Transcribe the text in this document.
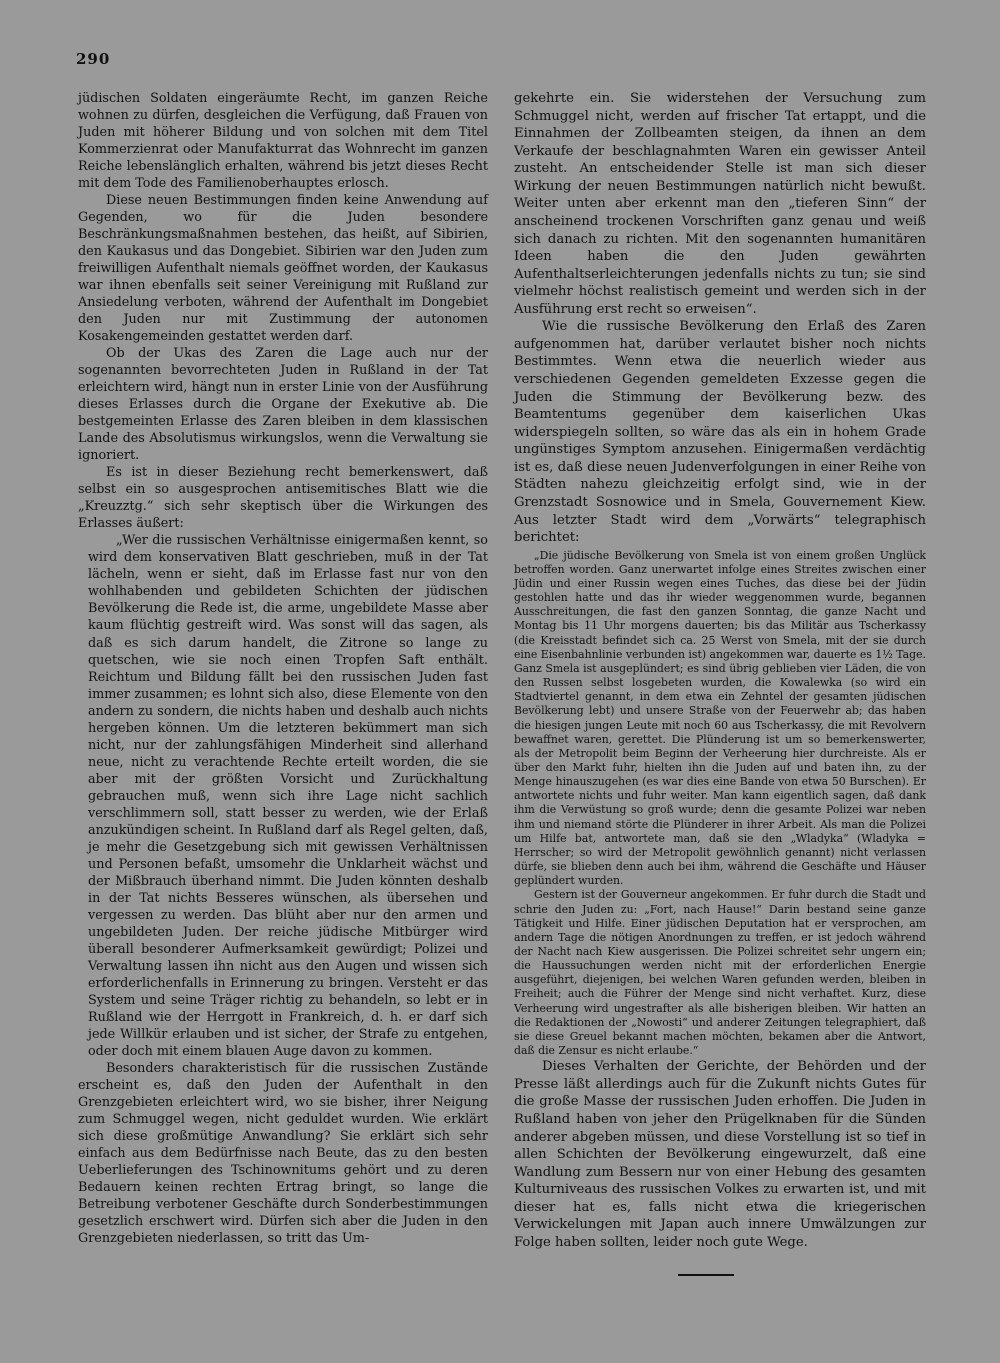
290

jüdischen Soldaten eingeräumte Recht, im ganzen Reiche wohnen zu dürfen, desgleichen die Verfügung, daß Frauen von Juden mit höherer Bildung und von solchen mit dem Titel Kommerzienrat oder Manufakturrat das Wohnrecht im ganzen Reiche lebenslänglich erhalten, während bis jetzt dieses Recht mit dem Tode des Familienoberhauptes erlosch.

Diese neuen Bestimmungen finden keine Anwendung auf Gegenden, wo für die Juden besondere Beschränkungsmaßnahmen bestehen, das heißt, auf Sibirien, den Kaukasus und das Dongebiet. Sibirien war den Juden zum freiwilligen Aufenthalt niemals geöffnet worden, der Kaukasus war ihnen ebenfalls seit seiner Vereinigung mit Rußland zur Ansiedelung verboten, während der Aufenthalt im Dongebiet den Juden nur mit Zustimmung der autonomen Kosakengemeinden gestattet werden darf.

Ob der Ukas des Zaren die Lage auch nur der sogenannten bevorrechteten Juden in Rußland in der Tat erleichtern wird, hängt nun in erster Linie von der Ausführung dieses Erlasses durch die Organe der Exekutive ab. Die bestgemeinten Erlasse des Zaren bleiben in dem klassischen Lande des Absolutismus wirkungslos, wenn die Verwaltung sie ignoriert.

Es ist in dieser Beziehung recht bemerkenswert, daß selbst ein so ausgesprochen antisemitisches Blatt wie die „Kreuzztg.“ sich sehr skeptisch über die Wirkungen des Erlasses äußert:

„Wer die russischen Verhältnisse einigermaßen kennt, so wird dem konservativen Blatt geschrieben, muß in der Tat lächeln, wenn er sieht, daß im Erlasse fast nur von den wohlhabenden und gebildeten Schichten der jüdischen Bevölkerung die Rede ist, die arme, ungebildete Masse aber kaum flüchtig gestreift wird. Was sonst will das sagen, als daß es sich darum handelt, die Zitrone so lange zu quetschen, wie sie noch einen Tropfen Saft enthält. Reichtum und Bildung fällt bei den russischen Juden fast immer zusammen; es lohnt sich also, diese Elemente von den andern zu sondern, die nichts haben und deshalb auch nichts hergeben können. Um die letzteren bekümmert man sich nicht, nur der zahlungsfähigen Minderheit sind allerhand neue, nicht zu verachtende Rechte erteilt worden, die sie aber mit der größten Vorsicht und Zurückhaltung gebrauchen muß, wenn sich ihre Lage nicht sachlich verschlimmern soll, statt besser zu werden, wie der Erlaß anzukündigen scheint. In Rußland darf als Regel gelten, daß, je mehr die Gesetzgebung sich mit gewissen Verhältnissen und Personen befaßt, umsomehr die Unklarheit wächst und der Mißbrauch überhand nimmt. Die Juden könnten deshalb in der Tat nichts Besseres wünschen, als übersehen und vergessen zu werden. Das blüht aber nur den armen und ungebildeten Juden. Der reiche jüdische Mitbürger wird überall besonderer Aufmerksamkeit gewürdigt; Polizei und Verwaltung lassen ihn nicht aus den Augen und wissen sich erforderlichenfalls in Erinnerung zu bringen. Versteht er das System und seine Träger richtig zu behandeln, so lebt er in Rußland wie der Herrgott in Frankreich, d. h. er darf sich jede Willkür erlauben und ist sicher, der Strafe zu entgehen, oder doch mit einem blauen Auge davon zu kommen.

Besonders charakteristisch für die russischen Zustände erscheint es, daß den Juden der Aufenthalt in den Grenzgebieten erleichtert wird, wo sie bisher, ihrer Neigung zum Schmuggel wegen, nicht geduldet wurden. Wie erklärt sich diese großmütige Anwandlung? Sie erklärt sich sehr einfach aus dem Bedürfnisse nach Beute, das zu den besten Ueberlieferungen des Tschinownitums gehört und zu deren Bedauern keinen rechten Ertrag bringt, so lange die Betreibung verbotener Geschäfte durch Sonderbestimmungen gesetzlich erschwert wird. Dürfen sich aber die Juden in den Grenzgebieten niederlassen, so tritt das Um-

gekehrte ein. Sie widerstehen der Versuchung zum Schmuggel nicht, werden auf frischer Tat ertappt, und die Einnahmen der Zollbeamten steigen, da ihnen an dem Verkaufe der beschlagnahmten Waren ein gewisser Anteil zusteht. An entscheidender Stelle ist man sich dieser Wirkung der neuen Bestimmungen natürlich nicht bewußt. Weiter unten aber erkennt man den „tieferen Sinn“ der anscheinend trockenen Vorschriften ganz genau und weiß sich danach zu richten. Mit den sogenannten humanitären Ideen haben die den Juden gewährten Aufenthaltserleichterungen jedenfalls nichts zu tun; sie sind vielmehr höchst realistisch gemeint und werden sich in der Ausführung erst recht so erweisen“.

Wie die russische Bevölkerung den Erlaß des Zaren aufgenommen hat, darüber verlautet bisher noch nichts Bestimmtes. Wenn etwa die neuerlich wieder aus verschiedenen Gegenden gemeldeten Exzesse gegen die Juden die Stimmung der Bevölkerung bezw. des Beamtentums gegenüber dem kaiserlichen Ukas widerspiegeln sollten, so wäre das als ein in hohem Grade ungünstiges Symptom anzusehen. Einigermaßen verdächtig ist es, daß diese neuen Judenverfolgungen in einer Reihe von Städten nahezu gleichzeitig erfolgt sind, wie in der Grenzstadt Sosnowice und in Smela, Gouvernement Kiew. Aus letzter Stadt wird dem „Vorwärts“ telegraphisch berichtet:

„Die jüdische Bevölkerung von Smela ist von einem großen Unglück betroffen worden. Ganz unerwartet infolge eines Streites zwischen einer Jüdin und einer Russin wegen eines Tuches, das diese bei der Jüdin gestohlen hatte und das ihr wieder weggenommen wurde, begannen Ausschreitungen, die fast den ganzen Sonntag, die ganze Nacht und Montag bis 11 Uhr morgens dauerten; bis das Militär aus Tscherkassy (die Kreisstadt befindet sich ca. 25 Werst von Smela, mit der sie durch eine Eisenbahnlinie verbunden ist) angekommen war, dauerte es 1½ Tage. Ganz Smela ist ausgeplündert; es sind übrig geblieben vier Läden, die von den Russen selbst losgebeten wurden, die Kowalewka (so wird ein Stadtviertel genannt, in dem etwa ein Zehntel der gesamten jüdischen Bevölkerung lebt) und unsere Straße von der Feuerwehr ab; das haben die hiesigen jungen Leute mit noch 60 aus Tscherkassy, die mit Revolvern bewaffnet waren, gerettet. Die Plünderung ist um so bemerkenswerter, als der Metropolit beim Beginn der Verheerung hier durchreiste. Als er über den Markt fuhr, hielten ihn die Juden auf und baten ihn, zu der Menge hinauszugehen (es war dies eine Bande von etwa 50 Burschen). Er antwortete nichts und fuhr weiter. Man kann eigentlich sagen, daß dank ihm die Verwüstung so groß wurde; denn die gesamte Polizei war neben ihm und niemand störte die Plünderer in ihrer Arbeit. Als man die Polizei um Hilfe bat, antwortete man, daß sie den „Wladyka“ (Wladyka = Herrscher; so wird der Metropolit gewöhnlich genannt) nicht verlassen dürfe, sie blieben denn auch bei ihm, während die Geschäfte und Häuser geplündert wurden.

Gestern ist der Gouverneur angekommen. Er fuhr durch die Stadt und schrie den Juden zu: „Fort, nach Hause!“ Darin bestand seine ganze Tätigkeit und Hilfe. Einer jüdischen Deputation hat er versprochen, am andern Tage die nötigen Anordnungen zu treffen, er ist jedoch während der Nacht nach Kiew ausgerissen. Die Polizei schreitet sehr ungern ein; die Haussuchungen werden nicht mit der erforderlichen Energie ausgeführt, diejenigen, bei welchen Waren gefunden werden, bleiben in Freiheit; auch die Führer der Menge sind nicht verhaftet. Kurz, diese Verheerung wird ungestrafter als alle bisherigen bleiben. Wir hatten an die Redaktionen der „Nowosti“ und anderer Zeitungen telegraphiert, daß sie diese Greuel bekannt machen möchten, bekamen aber die Antwort, daß die Zensur es nicht erlaube.“

Dieses Verhalten der Gerichte, der Behörden und der Presse läßt allerdings auch für die Zukunft nichts Gutes für die große Masse der russischen Juden erhoffen. Die Juden in Rußland haben von jeher den Prügelknaben für die Sünden anderer abgeben müssen, und diese Vorstellung ist so tief in allen Schichten der Bevölkerung eingewurzelt, daß eine Wandlung zum Bessern nur von einer Hebung des gesamten Kulturniveaus des russischen Volkes zu erwarten ist, und mit dieser hat es, falls nicht etwa die kriegerischen Verwickelungen mit Japan auch innere Umwälzungen zur Folge haben sollten, leider noch gute Wege.
